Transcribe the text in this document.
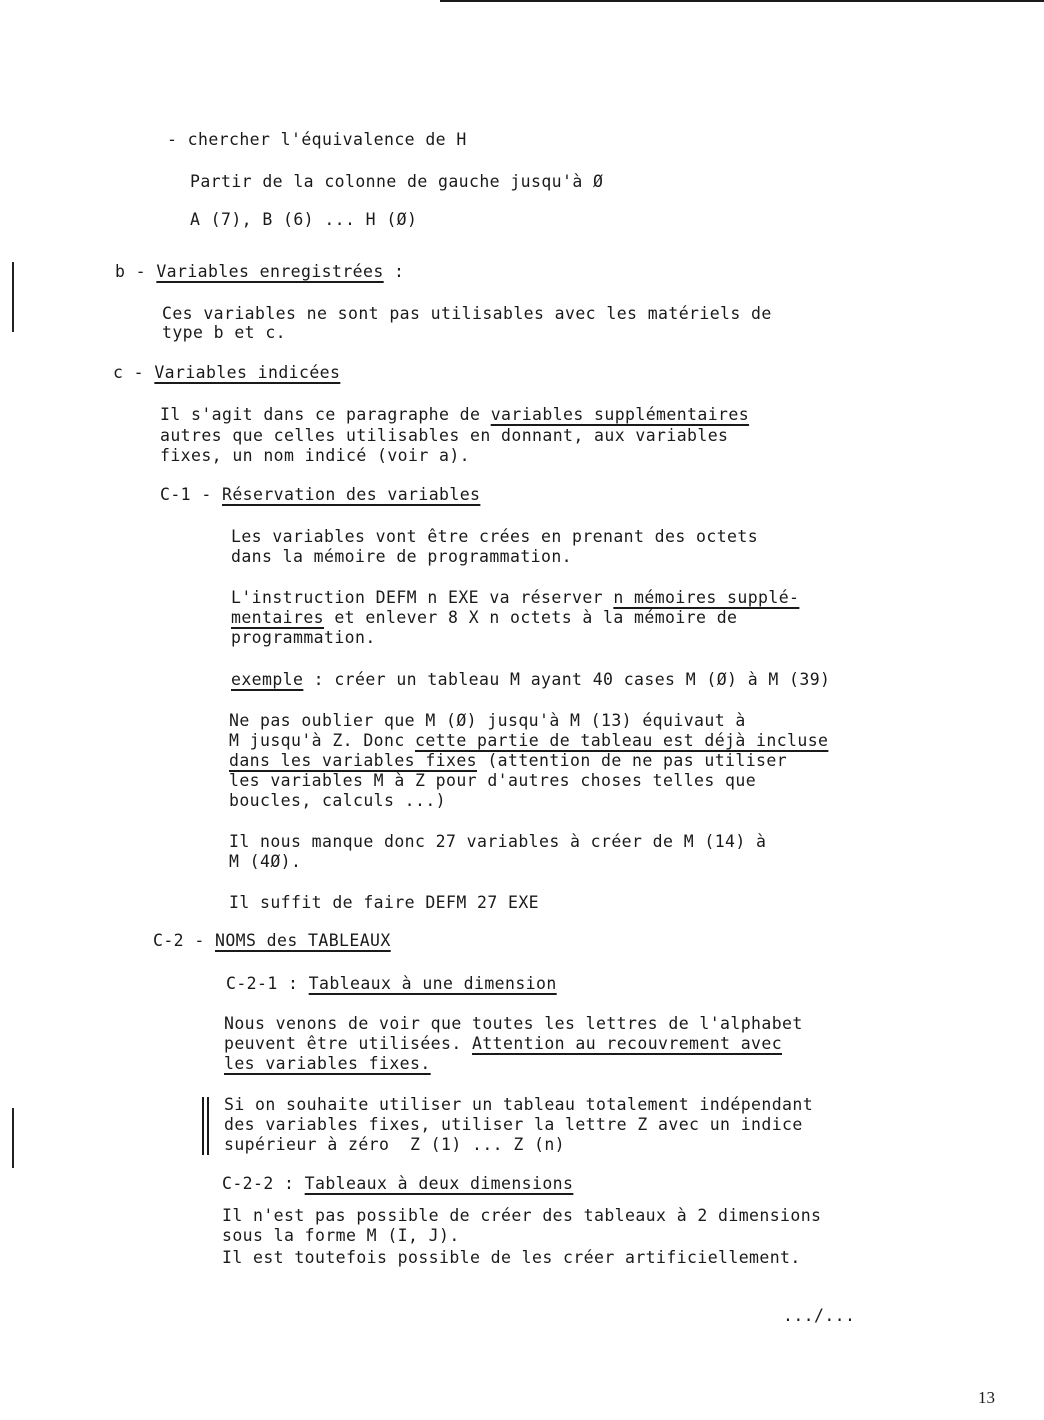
- chercher l'équivalence de H
Partir de la colonne de gauche jusqu'à Ø
A (7), B (6) ... H (Ø)
b - Variables enregistrées :
Ces variables ne sont pas utilisables avec les matériels de
type b et c.
c - Variables indicées
Il s'agit dans ce paragraphe de variables supplémentaires
autres que celles utilisables en donnant, aux variables
fixes, un nom indicé (voir a).
C-1 - Réservation des variables
Les variables vont être crées en prenant des octets
dans la mémoire de programmation.
L'instruction DEFM n EXE va réserver n mémoires supplé-
mentaires et enlever 8 X n octets à la mémoire de
programmation.
exemple : créer un tableau M ayant 40 cases M (Ø) à M (39)
Ne pas oublier que M (Ø) jusqu'à M (13) équivaut à
M jusqu'à Z. Donc cette partie de tableau est déjà incluse
dans les variables fixes (attention de ne pas utiliser
les variables M à Z pour d'autres choses telles que
boucles, calculs ...)
Il nous manque donc 27 variables à créer de M (14) à
M (4Ø).
Il suffit de faire DEFM 27 EXE
C-2 - NOMS des TABLEAUX
C-2-1 : Tableaux à une dimension
Nous venons de voir que toutes les lettres de l'alphabet
peuvent être utilisées. Attention au recouvrement avec
les variables fixes.
Si on souhaite utiliser un tableau totalement indépendant
des variables fixes, utiliser la lettre Z avec un indice
supérieur à zéro  Z (1) ... Z (n)
C-2-2 : Tableaux à deux dimensions
Il n'est pas possible de créer des tableaux à 2 dimensions
sous la forme M (I, J).
Il est toutefois possible de les créer artificiellement.
.../...
13
